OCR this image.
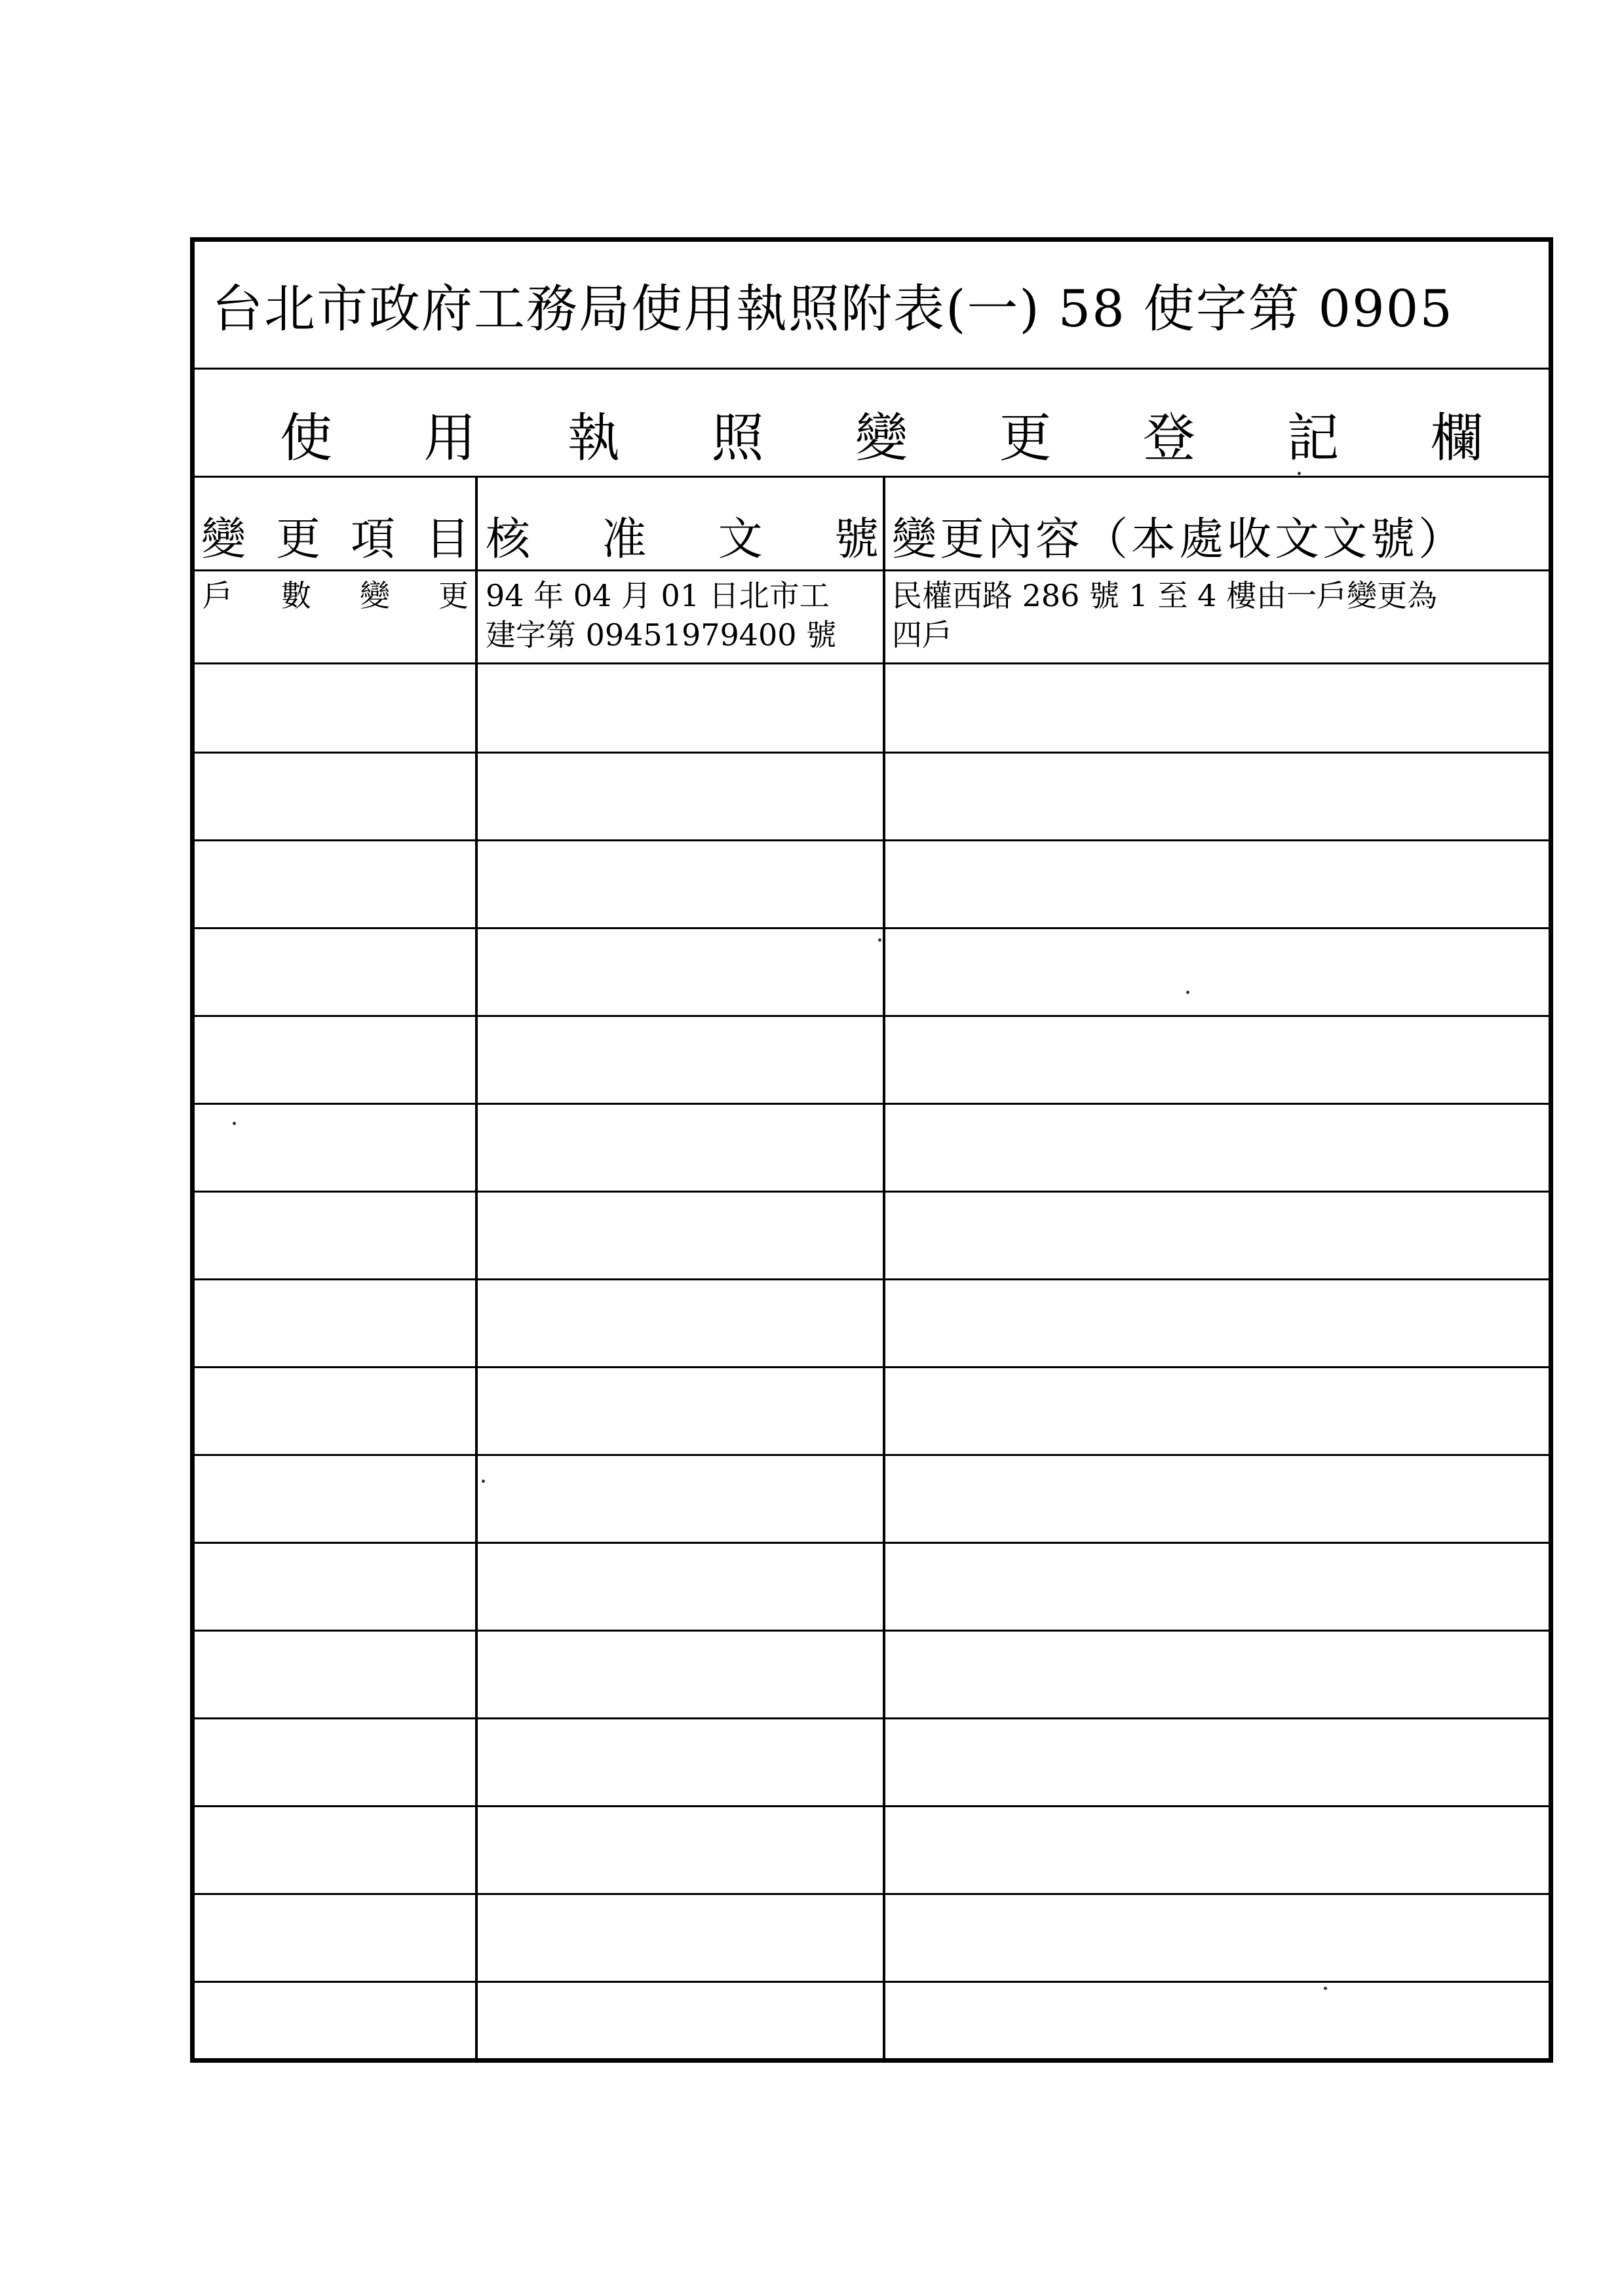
台北市政府工務局使用執照附表(一) 58 使字第 0905
使 用 執 照 變 更 登 記 欄
變 更 項 目 核 准 文 號 變更內容（本處收文文號）
戶 數 變 更 94 年 04 月 01 日北市工
建字第 09451979400 號
民權西路 286 號 1 至 4 樓由一戶變更為
四戶
